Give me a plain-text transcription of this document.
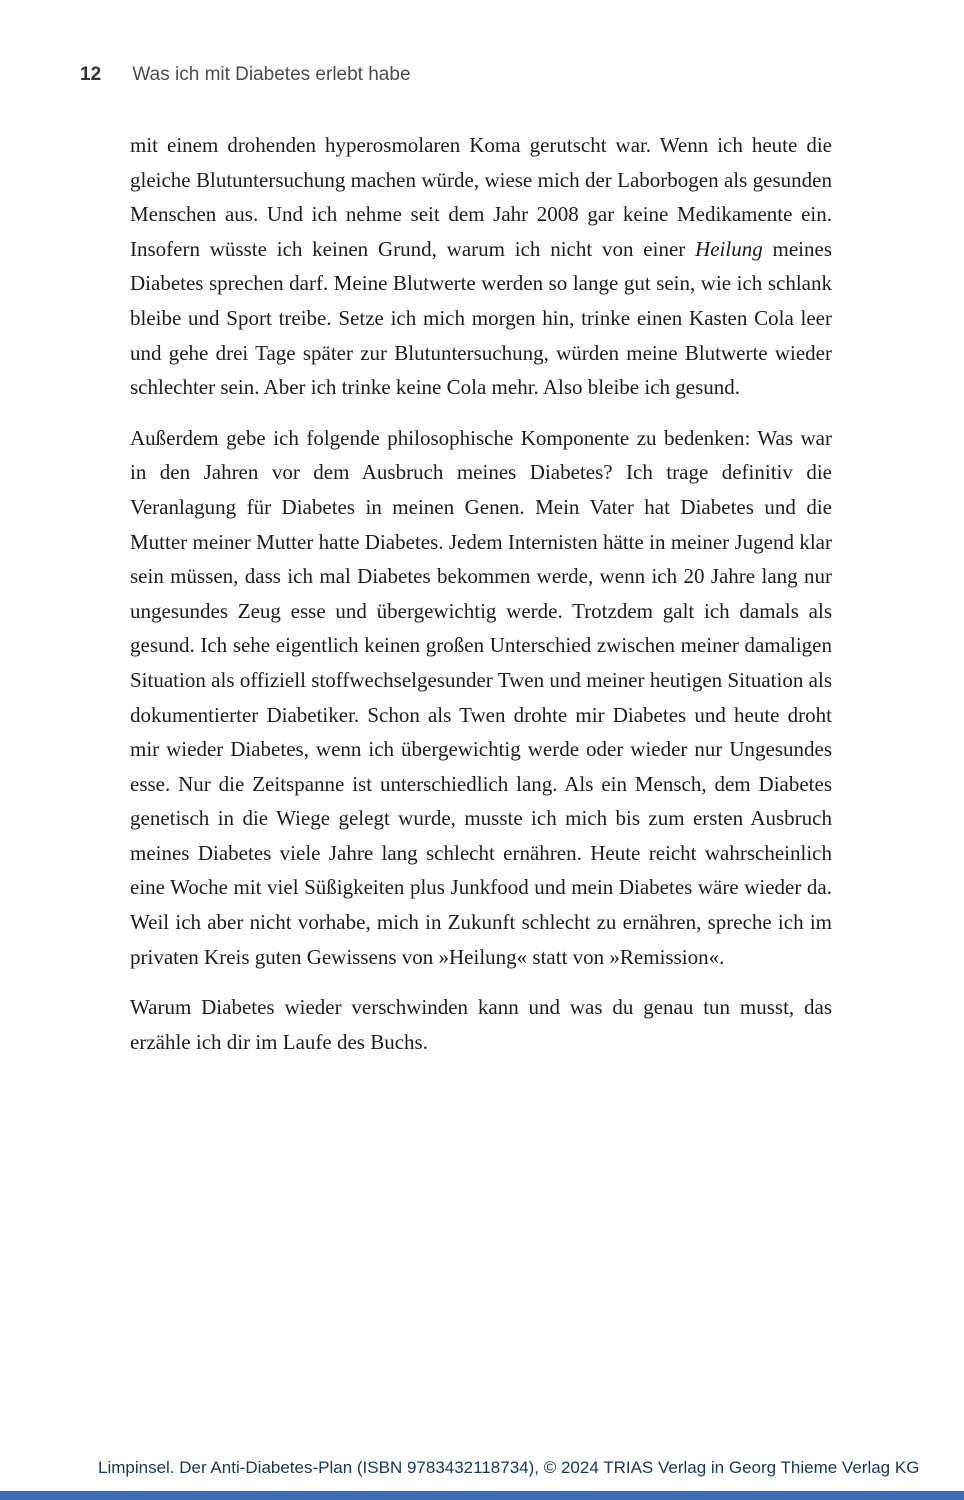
12 Was ich mit Diabetes erlebt habe

mit einem drohenden hyperosmolaren Koma gerutscht war. Wenn ich heute die gleiche Blutuntersuchung machen würde, wiese mich der Laborbogen als gesunden Menschen aus. Und ich nehme seit dem Jahr 2008 gar keine Medikamente ein. Insofern wüsste ich keinen Grund, warum ich nicht von einer Heilung meines Diabetes sprechen darf. Meine Blutwerte werden so lange gut sein, wie ich schlank bleibe und Sport treibe. Setze ich mich morgen hin, trinke einen Kasten Cola leer und gehe drei Tage später zur Blutuntersuchung, würden meine Blutwerte wieder schlechter sein. Aber ich trinke keine Cola mehr. Also bleibe ich gesund.

Außerdem gebe ich folgende philosophische Komponente zu bedenken: Was war in den Jahren vor dem Ausbruch meines Diabetes? Ich trage definitiv die Veranlagung für Diabetes in meinen Genen. Mein Vater hat Diabetes und die Mutter meiner Mutter hatte Diabetes. Jedem Internisten hätte in meiner Jugend klar sein müssen, dass ich mal Diabetes bekommen werde, wenn ich 20 Jahre lang nur ungesundes Zeug esse und übergewichtig werde. Trotzdem galt ich damals als gesund. Ich sehe eigentlich keinen großen Unterschied zwischen meiner damaligen Situation als offiziell stoffwechselgesunder Twen und meiner heutigen Situation als dokumentierter Diabetiker. Schon als Twen drohte mir Diabetes und heute droht mir wieder Diabetes, wenn ich übergewichtig werde oder wieder nur Ungesundes esse. Nur die Zeitspanne ist unterschiedlich lang. Als ein Mensch, dem Diabetes genetisch in die Wiege gelegt wurde, musste ich mich bis zum ersten Ausbruch meines Diabetes viele Jahre lang schlecht ernähren. Heute reicht wahrscheinlich eine Woche mit viel Süßigkeiten plus Junkfood und mein Diabetes wäre wieder da. Weil ich aber nicht vorhabe, mich in Zukunft schlecht zu ernähren, spreche ich im privaten Kreis guten Gewissens von »Heilung« statt von »Remission«.

Warum Diabetes wieder verschwinden kann und was du genau tun musst, das erzähle ich dir im Laufe des Buchs.

Limpinsel. Der Anti-Diabetes-Plan (ISBN 9783432118734), © 2024 TRIAS Verlag in Georg Thieme Verlag KG
